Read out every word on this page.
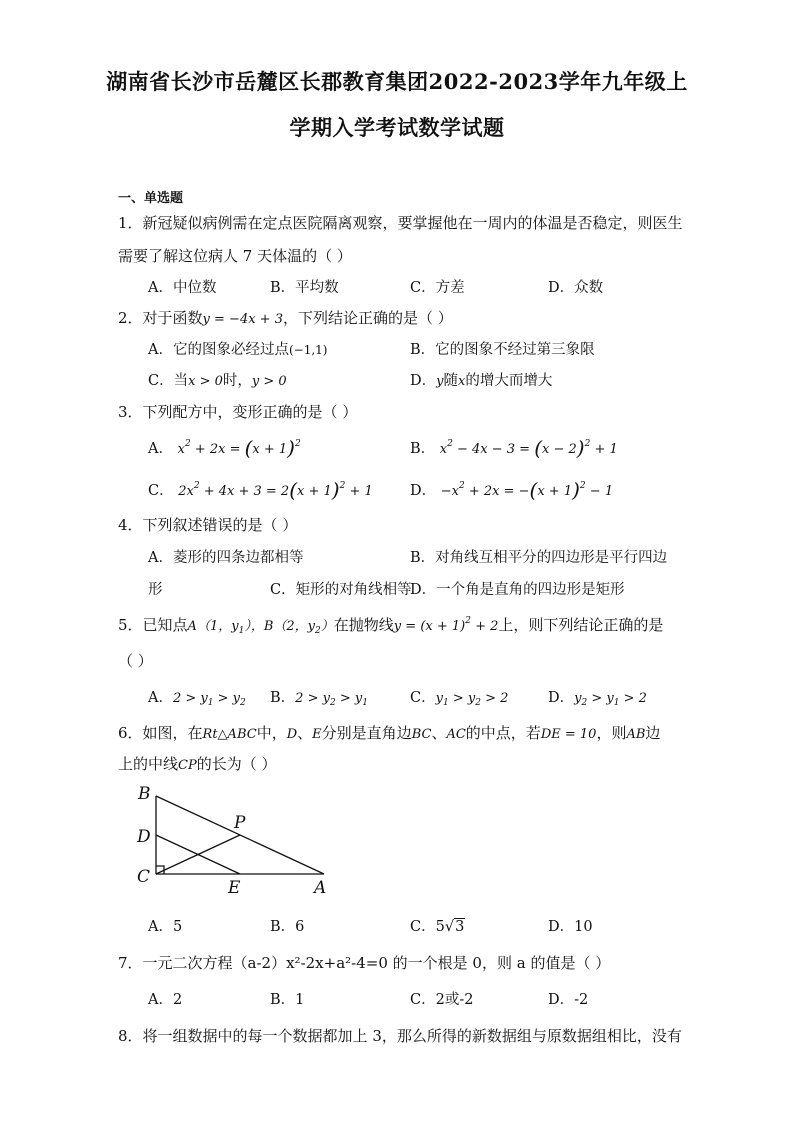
湖南省长沙市岳麓区长郡教育集团2022-2023学年九年级上
学期入学考试数学试题
一、单选题
1．新冠疑似病例需在定点医院隔离观察，要掌握他在一周内的体温是否稳定，则医生
需要了解这位病人 7 天体温的（ ）
A．中位数	B．平均数	C．方差	D．众数
2．对于函数y = −4x + 3，下列结论正确的是（ ）
A．它的图象必经过点(−1,1)	B．它的图象不经过第三象限
C．当x > 0时，y > 0	D．y随x的增大而增大
3．下列配方中，变形正确的是（ ）
A． $x^2 + 2x = (x + 1)^2$	B． $x^2 - 4x - 3 = (x - 2)^2 + 1$
C． $2x^2 + 4x + 3 = 2(x + 1)^2 + 1$	D． $-x^2 + 2x = -(x + 1)^2 - 1$
4．下列叙述错误的是（ ）
A．菱形的四条边都相等	B．对角线互相平分的四边形是平行四边
形	C．矩形的对角线相等
D．一个角是直角的四边形是矩形
5．已知点A（1，$y_1$），B（2，$y_2$）在抛物线$y = (x + 1)^2 + 2$上，则下列结论正确的是
（ ）
A．$2 > y_1 > y_2$ B．$2 > y_2 > y_1$	C．$y_1 > y_2 > 2$	D．$y_2 > y_1 > 2$
6．如图，在Rt△ABC中，D、E分别是直角边BC、AC的中点，若DE = 10，则AB边
上的中线CP的长为（ ）
B
D
C
E	A
P
A．5	B．6	C．5√3	D．10
7．一元二次方程（a-2）x²-2x+a²-4=0 的一个根是 0，则 a 的值是（ ）
A．2	B．1	C．2或-2	D．-2
8．将一组数据中的每一个数据都加上 3，那么所得的新数据组与原数据组相比，没有
